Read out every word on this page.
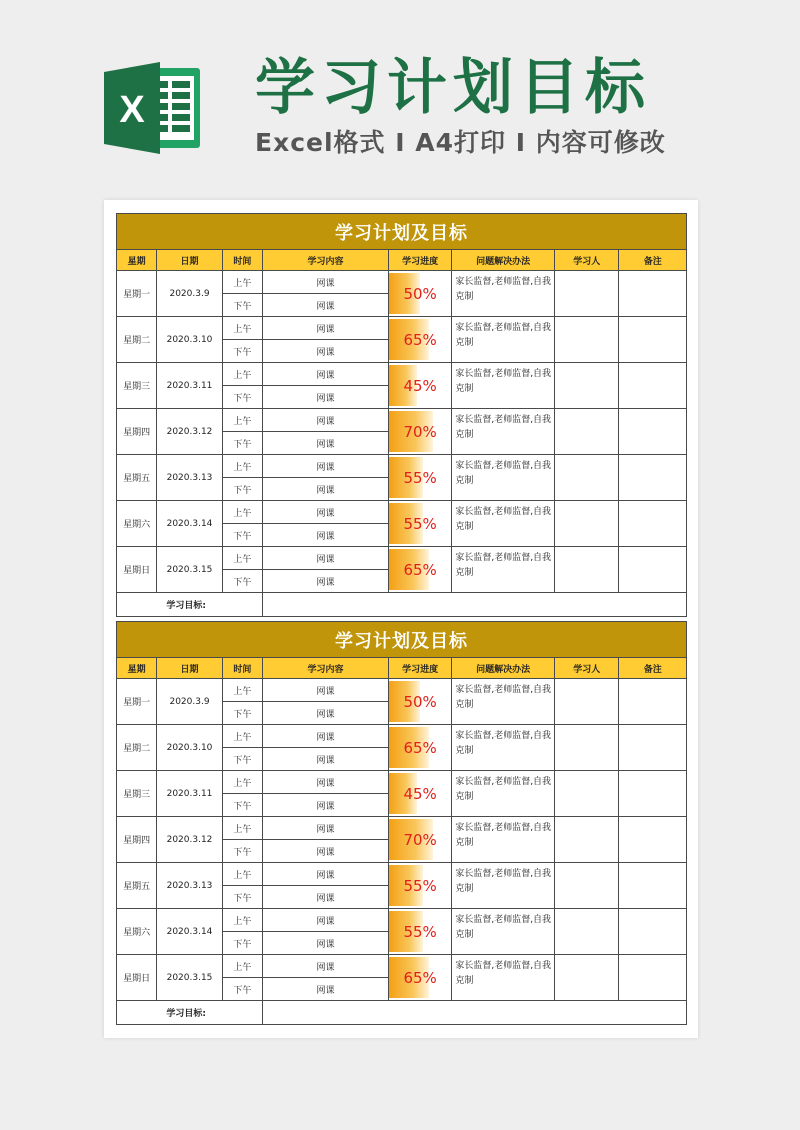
X 学习计划目标
Excel格式 I A4打印 I 内容可修改
学习计划及目标							
星期	日期	时间	学习内容	学习进度	问题解决办法	学习人	备注
星期一	2020.3.9	上午	网课	50%	家长监督,老师监督,自我克制		
		下午	网课				
星期二	2020.3.10	上午	网课	65%	家长监督,老师监督,自我克制		
		下午	网课				
星期三	2020.3.11	上午	网课	45%	家长监督,老师监督,自我克制		
		下午	网课				
星期四	2020.3.12	上午	网课	70%	家长监督,老师监督,自我克制		
		下午	网课				
星期五	2020.3.13	上午	网课	55%	家长监督,老师监督,自我克制		
		下午	网课				
星期六	2020.3.14	上午	网课	55%	家长监督,老师监督,自我克制		
		下午	网课				
星期日	2020.3.15	上午	网课	65%	家长监督,老师监督,自我克制		
		下午	网课				
学习目标:							
学习计划及目标							
星期	日期	时间	学习内容	学习进度	问题解决办法	学习人	备注
星期一	2020.3.9	上午	网课	50%	家长监督,老师监督,自我克制		
		下午	网课				
星期二	2020.3.10	上午	网课	65%	家长监督,老师监督,自我克制		
		下午	网课				
星期三	2020.3.11	上午	网课	45%	家长监督,老师监督,自我克制		
		下午	网课				
星期四	2020.3.12	上午	网课	70%	家长监督,老师监督,自我克制		
		下午	网课				
星期五	2020.3.13	上午	网课	55%	家长监督,老师监督,自我克制		
		下午	网课				
星期六	2020.3.14	上午	网课	55%	家长监督,老师监督,自我克制		
		下午	网课				
星期日	2020.3.15	上午	网课	65%	家长监督,老师监督,自我克制		
		下午	网课				
学习目标:							
